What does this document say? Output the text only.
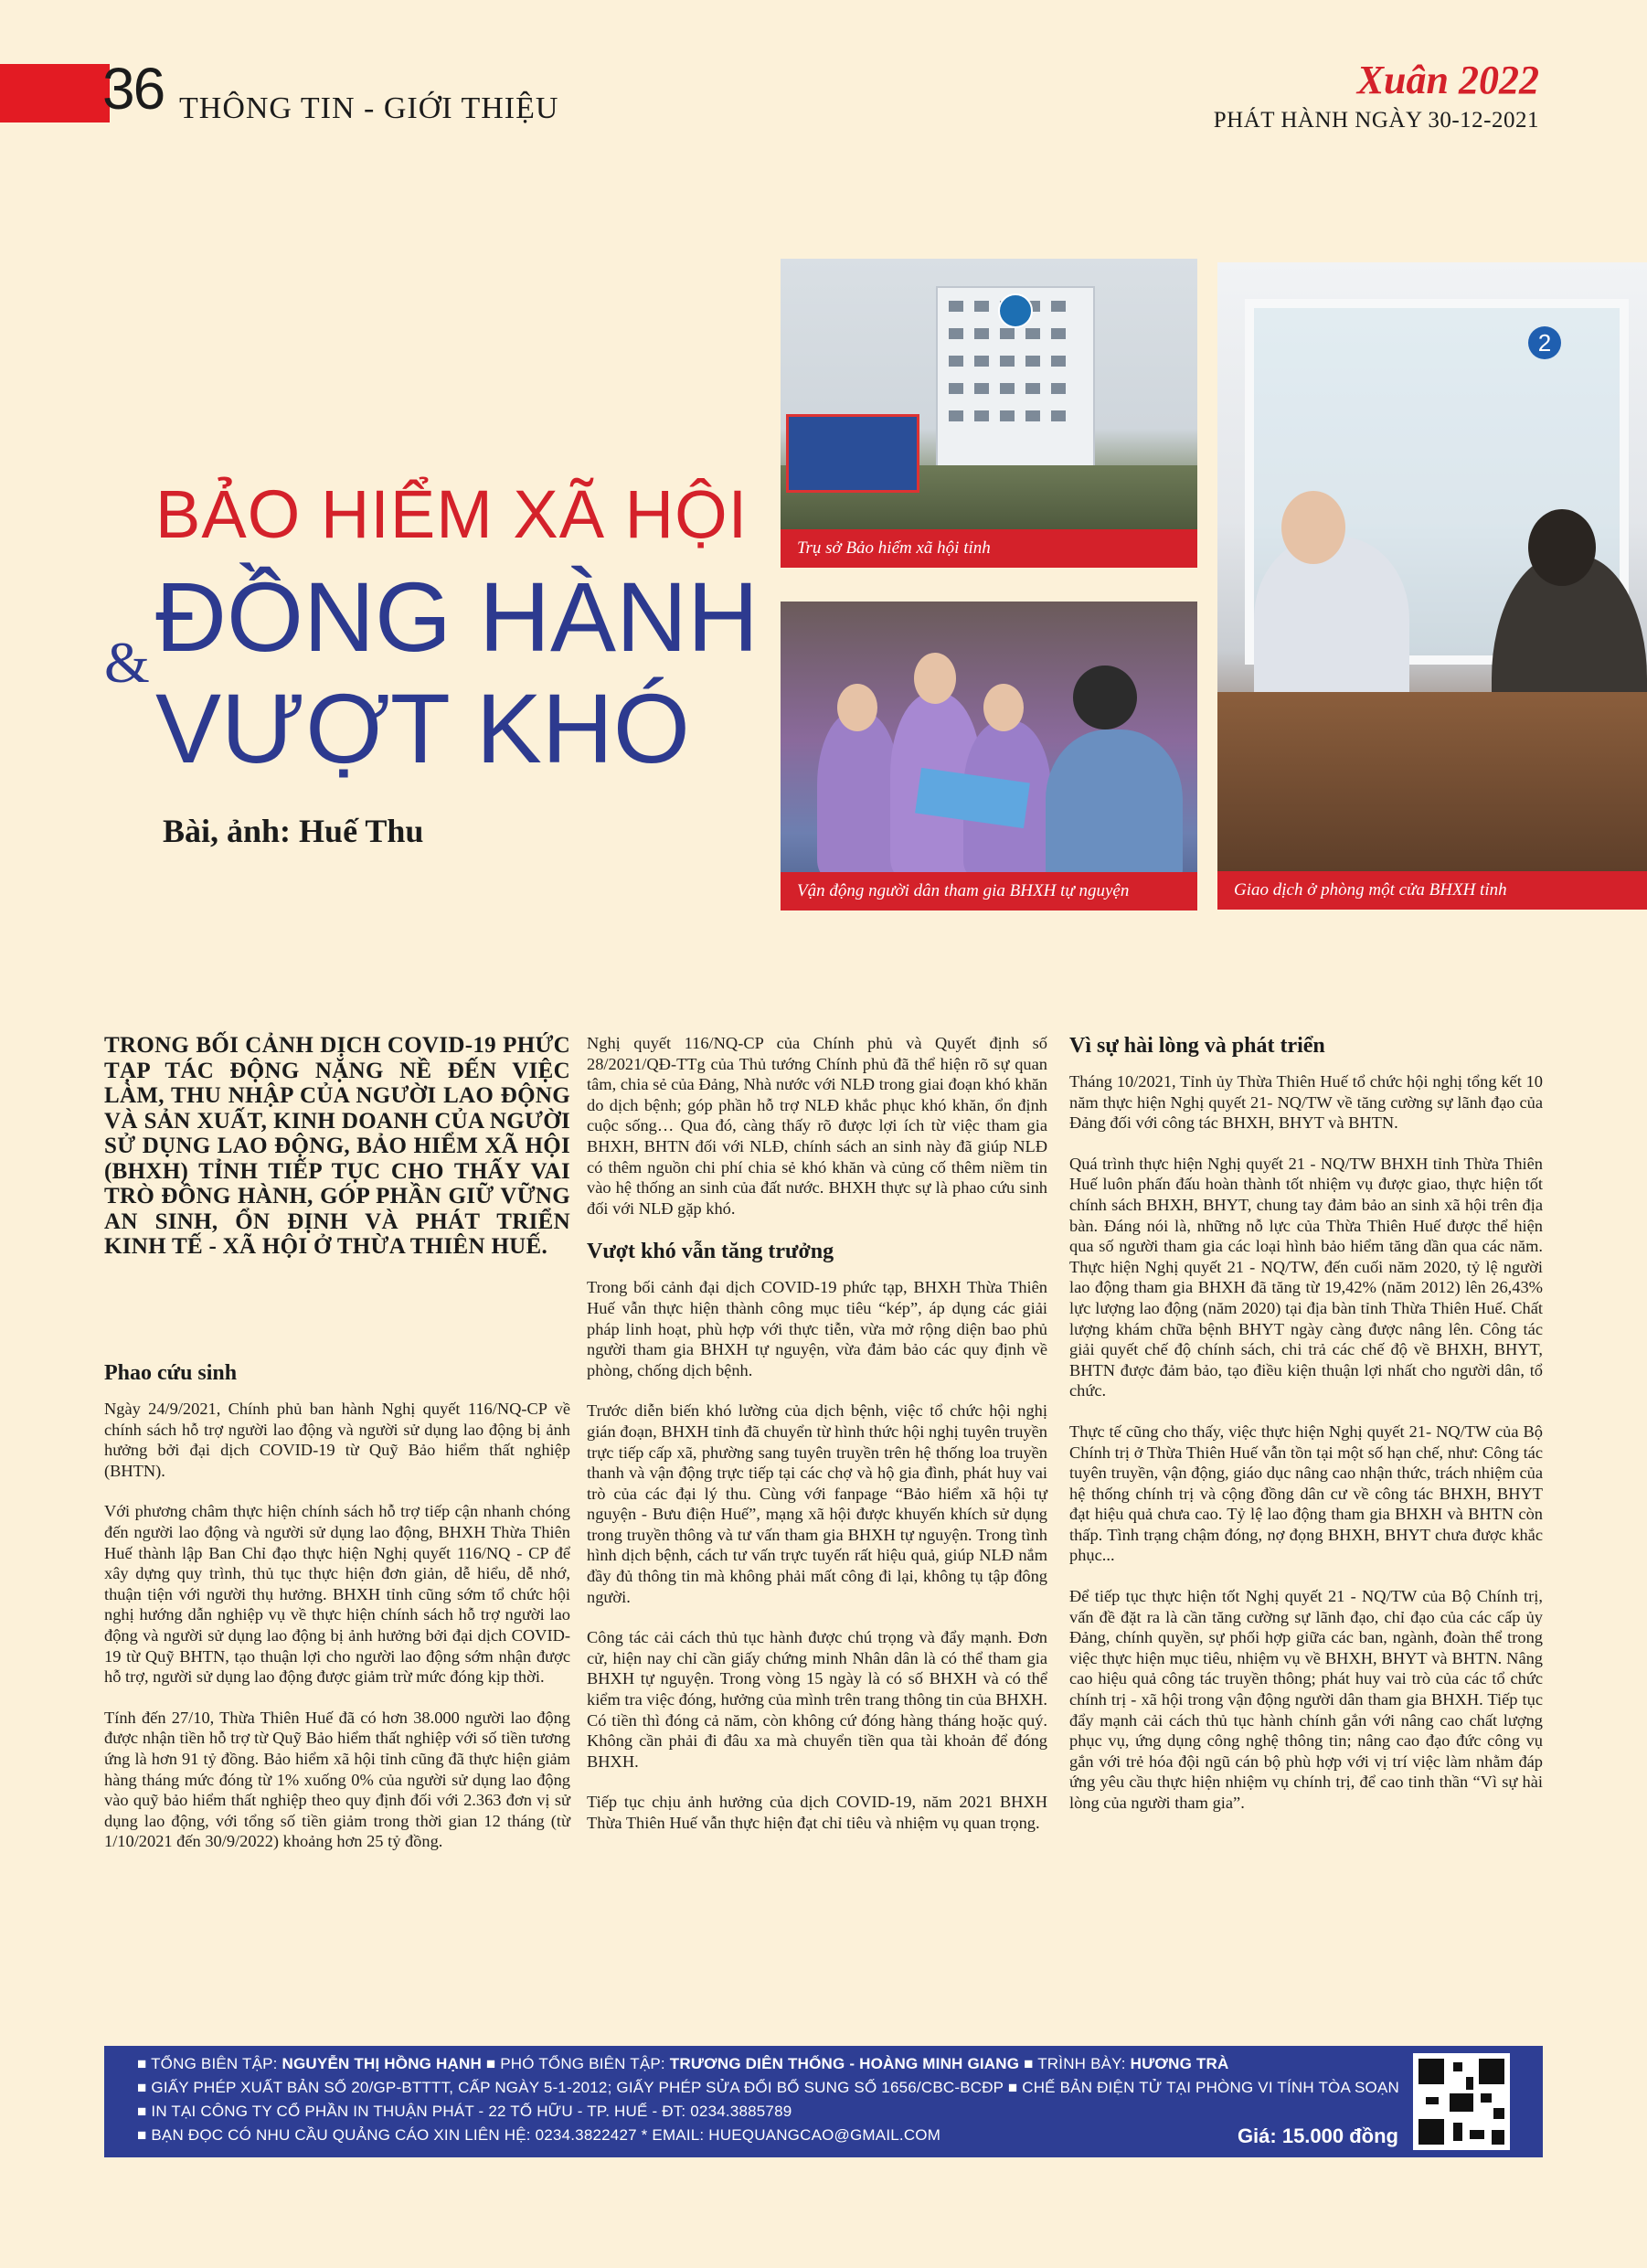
36 THÔNG TIN - GIỚI THIỆU
Xuân 2022
PHÁT HÀNH NGÀY 30-12-2021
BẢO HIỂM XÃ HỘI
& ĐỒNG HÀNH
VƯỢT KHÓ
Bài, ảnh: Huế Thu
Trụ sở Bảo hiểm xã hội tỉnh
Vận động người dân tham gia BHXH tự nguyện
2
Giao dịch ở phòng một cửa BHXH tỉnh
TRONG BỐI CẢNH DỊCH COVID-19 PHỨC TẠP TÁC ĐỘNG NẶNG NỀ ĐẾN VIỆC LÀM, THU NHẬP CỦA NGƯỜI LAO ĐỘNG VÀ SẢN XUẤT, KINH DOANH CỦA NGƯỜI SỬ DỤNG LAO ĐỘNG, BẢO HIỂM XÃ HỘI (BHXH) TỈNH TIẾP TỤC CHO THẤY VAI TRÒ ĐỒNG HÀNH, GÓP PHẦN GIỮ VỮNG AN SINH, ỔN ĐỊNH VÀ PHÁT TRIỂN KINH TẾ - XÃ HỘI Ở THỪA THIÊN HUẾ.
Phao cứu sinh

Ngày 24/9/2021, Chính phủ ban hành Nghị quyết 116/NQ-CP về chính sách hỗ trợ người lao động và người sử dụng lao động bị ảnh hưởng bởi đại dịch COVID-19 từ Quỹ Bảo hiểm thất nghiệp (BHTN).

Với phương châm thực hiện chính sách hỗ trợ tiếp cận nhanh chóng đến người lao động và người sử dụng lao động, BHXH Thừa Thiên Huế thành lập Ban Chỉ đạo thực hiện Nghị quyết 116/NQ - CP để xây dựng quy trình, thủ tục thực hiện đơn giản, dễ hiểu, dễ nhớ, thuận tiện với người thụ hưởng. BHXH tỉnh cũng sớm tổ chức hội nghị hướng dẫn nghiệp vụ về thực hiện chính sách hỗ trợ người lao động và người sử dụng lao động bị ảnh hưởng bởi đại dịch COVID-19 từ Quỹ BHTN, tạo thuận lợi cho người lao động sớm nhận được hỗ trợ, người sử dụng lao động được giảm trừ mức đóng kịp thời.

Tính đến 27/10, Thừa Thiên Huế đã có hơn 38.000 người lao động được nhận tiền hỗ trợ từ Quỹ Bảo hiểm thất nghiệp với số tiền tương ứng là hơn 91 tỷ đồng. Bảo hiểm xã hội tỉnh cũng đã thực hiện giảm hàng tháng mức đóng từ 1% xuống 0% của người sử dụng lao động vào quỹ bảo hiểm thất nghiệp theo quy định đối với 2.363 đơn vị sử dụng lao động, với tổng số tiền giảm trong thời gian 12 tháng (từ 1/10/2021 đến 30/9/2022) khoảng hơn 25 tỷ đồng.

Nghị quyết 116/NQ-CP của Chính phủ và Quyết định số 28/2021/QĐ-TTg của Thủ tướng Chính phủ đã thể hiện rõ sự quan tâm, chia sẻ của Đảng, Nhà nước với NLĐ trong giai đoạn khó khăn do dịch bệnh; góp phần hỗ trợ NLĐ khắc phục khó khăn, ổn định cuộc sống… Qua đó, càng thấy rõ được lợi ích từ việc tham gia BHXH, BHTN đối với NLĐ, chính sách an sinh này đã giúp NLĐ có thêm nguồn chi phí chia sẻ khó khăn và củng cố thêm niềm tin vào hệ thống an sinh của đất nước. BHXH thực sự là phao cứu sinh đối với NLĐ gặp khó.

Vượt khó vẫn tăng trưởng

Trong bối cảnh đại dịch COVID-19 phức tạp, BHXH Thừa Thiên Huế vẫn thực hiện thành công mục tiêu “kép”, áp dụng các giải pháp linh hoạt, phù hợp với thực tiễn, vừa mở rộng diện bao phủ người tham gia BHXH tự nguyện, vừa đảm bảo các quy định về phòng, chống dịch bệnh.

Trước diễn biến khó lường của dịch bệnh, việc tổ chức hội nghị gián đoạn, BHXH tỉnh đã chuyển từ hình thức hội nghị tuyên truyền trực tiếp cấp xã, phường sang tuyên truyền trên hệ thống loa truyền thanh và vận động trực tiếp tại các chợ và hộ gia đình, phát huy vai trò của các đại lý thu. Cùng với fanpage “Bảo hiểm xã hội tự nguyện - Bưu điện Huế”, mạng xã hội được khuyến khích sử dụng trong truyền thông và tư vấn tham gia BHXH tự nguyện. Trong tình hình dịch bệnh, cách tư vấn trực tuyến rất hiệu quả, giúp NLĐ nắm đầy đủ thông tin mà không phải mất công đi lại, không tụ tập đông người.

Công tác cải cách thủ tục hành được chú trọng và đẩy mạnh. Đơn cử, hiện nay chỉ cần giấy chứng minh Nhân dân là có thể tham gia BHXH tự nguyện. Trong vòng 15 ngày là có số BHXH và có thể kiểm tra việc đóng, hưởng của mình trên trang thông tin của BHXH. Có tiền thì đóng cả năm, còn không cứ đóng hàng tháng hoặc quý. Không cần phải đi đâu xa mà chuyển tiền qua tài khoản để đóng BHXH.

Tiếp tục chịu ảnh hưởng của dịch COVID-19, năm 2021 BHXH Thừa Thiên Huế vẫn thực hiện đạt chỉ tiêu và nhiệm vụ quan trọng.

Vì sự hài lòng và phát triển

Tháng 10/2021, Tỉnh ủy Thừa Thiên Huế tổ chức hội nghị tổng kết 10 năm thực hiện Nghị quyết 21- NQ/TW về tăng cường sự lãnh đạo của Đảng đối với công tác BHXH, BHYT và BHTN.

Quá trình thực hiện Nghị quyết 21 - NQ/TW BHXH tỉnh Thừa Thiên Huế luôn phấn đấu hoàn thành tốt nhiệm vụ được giao, thực hiện tốt chính sách BHXH, BHYT, chung tay đảm bảo an sinh xã hội trên địa bàn. Đáng nói là, những nỗ lực của Thừa Thiên Huế được thể hiện qua số người tham gia các loại hình bảo hiểm tăng dần qua các năm. Thực hiện Nghị quyết 21 - NQ/TW, đến cuối năm 2020, tỷ lệ người lao động tham gia BHXH đã tăng từ 19,42% (năm 2012) lên 26,43% lực lượng lao động (năm 2020) tại địa bàn tỉnh Thừa Thiên Huế. Chất lượng khám chữa bệnh BHYT ngày càng được nâng lên. Công tác giải quyết chế độ chính sách, chi trả các chế độ về BHXH, BHYT, BHTN được đảm bảo, tạo điều kiện thuận lợi nhất cho người dân, tổ chức.

Thực tế cũng cho thấy, việc thực hiện Nghị quyết 21- NQ/TW của Bộ Chính trị ở Thừa Thiên Huế vẫn tồn tại một số hạn chế, như: Công tác tuyên truyền, vận động, giáo dục nâng cao nhận thức, trách nhiệm của hệ thống chính trị và cộng đồng dân cư về công tác BHXH, BHYT đạt hiệu quả chưa cao. Tỷ lệ lao động tham gia BHXH và BHTN còn thấp. Tình trạng chậm đóng, nợ đọng BHXH, BHYT chưa được khắc phục...

Để tiếp tục thực hiện tốt Nghị quyết 21 - NQ/TW của Bộ Chính trị, vấn đề đặt ra là cần tăng cường sự lãnh đạo, chỉ đạo của các cấp ủy Đảng, chính quyền, sự phối hợp giữa các ban, ngành, đoàn thể trong việc thực hiện mục tiêu, nhiệm vụ về BHXH, BHYT và BHTN. Nâng cao hiệu quả công tác truyền thông; phát huy vai trò của các tổ chức chính trị - xã hội trong vận động người dân tham gia BHXH. Tiếp tục đẩy mạnh cải cách thủ tục hành chính gắn với nâng cao chất lượng phục vụ, ứng dụng công nghệ thông tin; nâng cao đạo đức công vụ gắn với trẻ hóa đội ngũ cán bộ phù hợp với vị trí việc làm nhằm đáp ứng yêu cầu thực hiện nhiệm vụ chính trị, để cao tinh thần “Vì sự hài lòng của người tham gia”.

■ TỔNG BIÊN TẬP: NGUYỄN THỊ HỒNG HẠNH ■ PHÓ TỔNG BIÊN TẬP: TRƯƠNG DIÊN THỐNG - HOÀNG MINH GIANG ■ TRÌNH BÀY: HƯƠNG TRÀ
■ GIẤY PHÉP XUẤT BẢN SỐ 20/GP-BTTTT, CẤP NGÀY 5-1-2012; GIẤY PHÉP SỬA ĐỔI BỔ SUNG SỐ 1656/CBC-BCĐP ■ CHẾ BẢN ĐIỆN TỬ TẠI PHÒNG VI TÍNH TÒA SOẠN
■ IN TẠI CÔNG TY CỔ PHẦN IN THUẬN PHÁT - 22 TỐ HỮU - TP. HUẾ - ĐT: 0234.3885789
■ BẠN ĐỌC CÓ NHU CẦU QUẢNG CÁO XIN LIÊN HỆ: 0234.3822427 * EMAIL: HUEQUANGCAO@GMAIL.COM	Giá: 15.000 đồng
